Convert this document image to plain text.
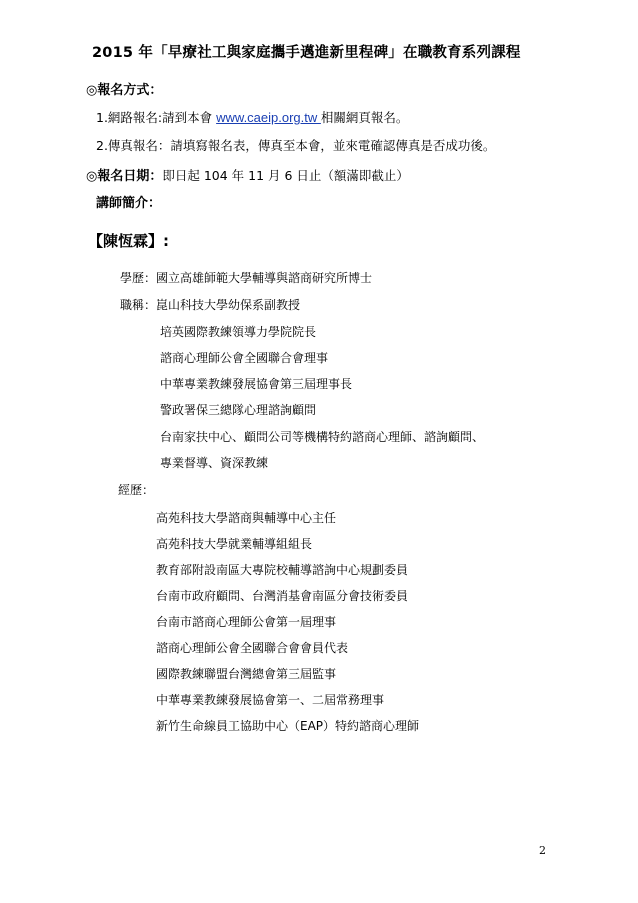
2015 年「早療社工與家庭攜手邁進新里程碑」在職教育系列課程
◎報名方式：
1.網路報名:請到本會 www.caeip.org.tw 相關網頁報名。
2.傳真報名：請填寫報名表，傳真至本會，並來電確認傳真是否成功後。
◎報名日期：即日起 104 年 11 月 6 日止（額滿即截止）
講師簡介：
【陳恆霖】:
學歷：國立高雄師範大學輔導與諮商研究所博士
職稱：崑山科技大學幼保系副教授
培英國際教練領導力學院院長
諮商心理師公會全國聯合會理事
中華專業教練發展協會第三屆理事長
警政署保三總隊心理諮詢顧問
台南家扶中心、顧問公司等機構特約諮商心理師、諮詢顧問、
專業督導、資深教練
經歷：
高苑科技大學諮商與輔導中心主任
高苑科技大學就業輔導組組長
教育部附設南區大專院校輔導諮詢中心規劃委員
台南市政府顧問、台灣消基會南區分會技術委員
台南市諮商心理師公會第一屆理事
諮商心理師公會全國聯合會會員代表
國際教練聯盟台灣總會第三屆監事
中華專業教練發展協會第一、二屆常務理事
新竹生命線員工協助中心（EAP）特約諮商心理師
2
